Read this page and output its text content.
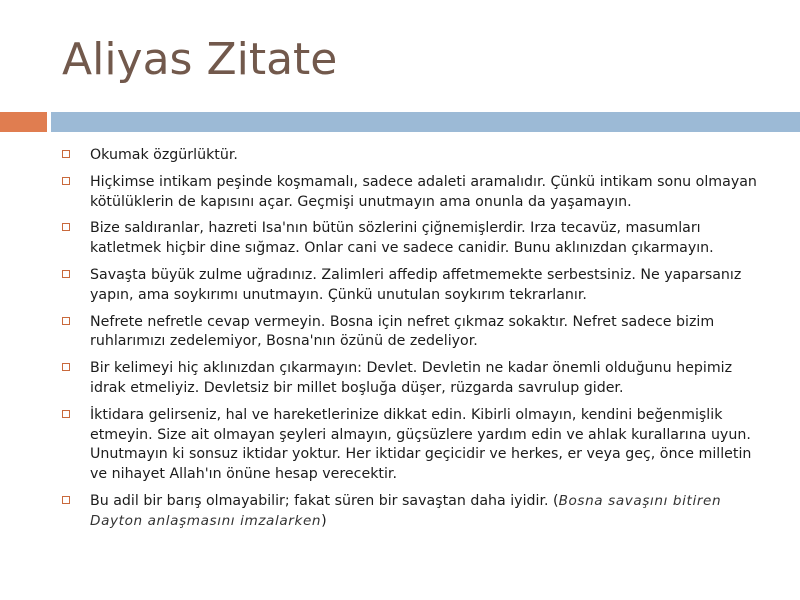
Aliyas Zitate
Okumak özgürlüktür.
Hiçkimse intikam peşinde koşmamalı, sadece adaleti aramalıdır. Çünkü intikam sonu olmayan kötülüklerin de kapısını açar. Geçmişi unutmayın ama onunla da yaşamayın.
Bize saldıranlar, hazreti Isa'nın bütün sözlerini çiğnemişlerdir. Irza tecavüz, masumları katletmek hiçbir dine sığmaz. Onlar cani ve sadece canidir. Bunu aklınızdan çıkarmayın.
Savaşta büyük zulme uğradınız. Zalimleri affedip affetmemekte serbestsiniz. Ne yaparsanız yapın, ama soykırımı unutmayın. Çünkü unutulan soykırım tekrarlanır.
Nefrete nefretle cevap vermeyin. Bosna için nefret çıkmaz sokaktır. Nefret sadece bizim ruhlarımızı zedelemiyor, Bosna'nın özünü de zedeliyor.
Bir kelimeyi hiç aklınızdan çıkarmayın: Devlet. Devletin ne kadar önemli olduğunu hepimiz idrak etmeliyiz. Devletsiz bir millet boşluğa düşer, rüzgarda savrulup gider.
İktidara gelirseniz, hal ve hareketlerinize dikkat edin. Kibirli olmayın, kendini beğenmişlik etmeyin. Size ait olmayan şeyleri almayın, güçsüzlere yardım edin ve ahlak kurallarına uyun. Unutmayın ki sonsuz iktidar yoktur. Her iktidar geçicidir ve herkes, er veya geç, önce milletin ve nihayet Allah'ın önüne hesap verecektir.
Bu adil bir barış olmayabilir; fakat süren bir savaştan daha iyidir. (Bosna savaşını bitiren Dayton anlaşmasını imzalarken)
